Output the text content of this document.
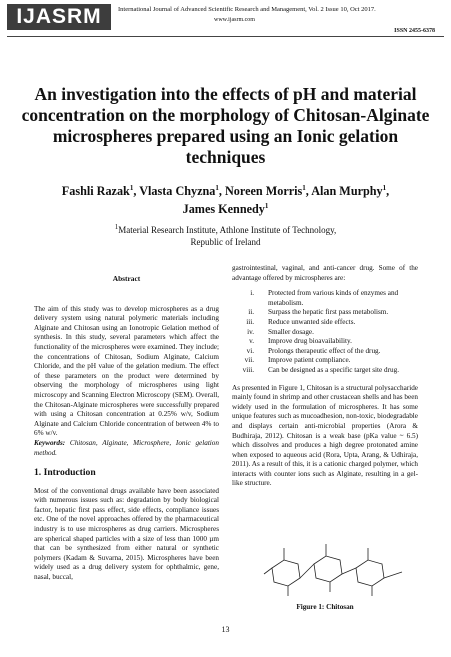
IJASRM	International Journal of Advanced Scientific Research and Management, Vol. 2 Issue 10, Oct 2017.
www.ijasrm.com
ISSN 2455-6378
An investigation into the effects of pH and material concentration on the morphology of Chitosan-Alginate microspheres prepared using an Ionic gelation techniques
Fashli Razak$^1$, Vlasta Chyzna$^1$, Noreen Morris$^1$, Alan Murphy$^1$,
James Kennedy$^1$
$^1$Material Research Institute, Athlone Institute of Technology,
Republic of Ireland
Abstract

The aim of this study was to develop microspheres as a drug delivery system using natural polymeric materials including Alginate and Chitosan using an Ionotropic Gelation method of synthesis. In this study, several parameters which affect the functionality of the microspheres were examined. They include; the concentrations of Chitosan, Sodium Alginate, Calcium Chloride, and the pH value of the gelation medium. The effect of these parameters on the product were determined by observing the morphology of microspheres using light microscopy and Scanning Electron Microscopy (SEM). Overall, the Chitosan-Alginate microspheres were successfully prepared with using a Chitosan concentration at 0.25% w/v, Sodium Alginate and Calcium Chloride concentration of between 4% to 6% w/v.

Keywords: Chitosan, Alginate, Microsphere, Ionic gelation method.

1. Introduction

Most of the conventional drugs available have been associated with numerous issues such as: degradation by body biological factor, hepatic first pass effect, side effects, compliance issues etc. One of the novel approaches offered by the pharmaceutical industry is to use microspheres as drug carriers. Microspheres are spherical shaped particles with a size of less than 1000 µm that can be synthesized from either natural or synthetic polymers (Kadam & Suvarna, 2015). Microspheres have been widely used as a drug delivery system for ophthalmic, gene, nasal, buccal,

gastrointestinal, vaginal, and anti-cancer drug. Some of the advantage offered by microspheres are:

i.	Protected from various kinds of enzymes and metabolism.
ii.	Surpass the hepatic first pass metabolism.
iii.	Reduce unwanted side effects.
iv.	Smaller dosage.
v.	Improve drug bioavailability.
vi.	Prolongs therapeutic effect of the drug.
vii.	Improve patient compliance.
viii.	Can be designed as a specific target site drug.

As presented in Figure 1, Chitosan is a structural polysaccharide mainly found in shrimp and other crustacean shells and has been widely used in the formulation of microspheres. It has some unique features such as mucoadhesion, non-toxic, biodegradable and displays certain anti-microbial properties (Arora & Budhiraja, 2012). Chitosan is a weak base (pKa value ~ 6.5) which dissolves and produces a high degree protonated amine when exposed to aqueous acid (Rora, Upta, Arang, & Udhiraja, 2011). As a result of this, it is a cationic charged polymer, which interacts with counter ions such as Alginate, resulting in a gel-like structure.

Figure 1: Chitosan
13
